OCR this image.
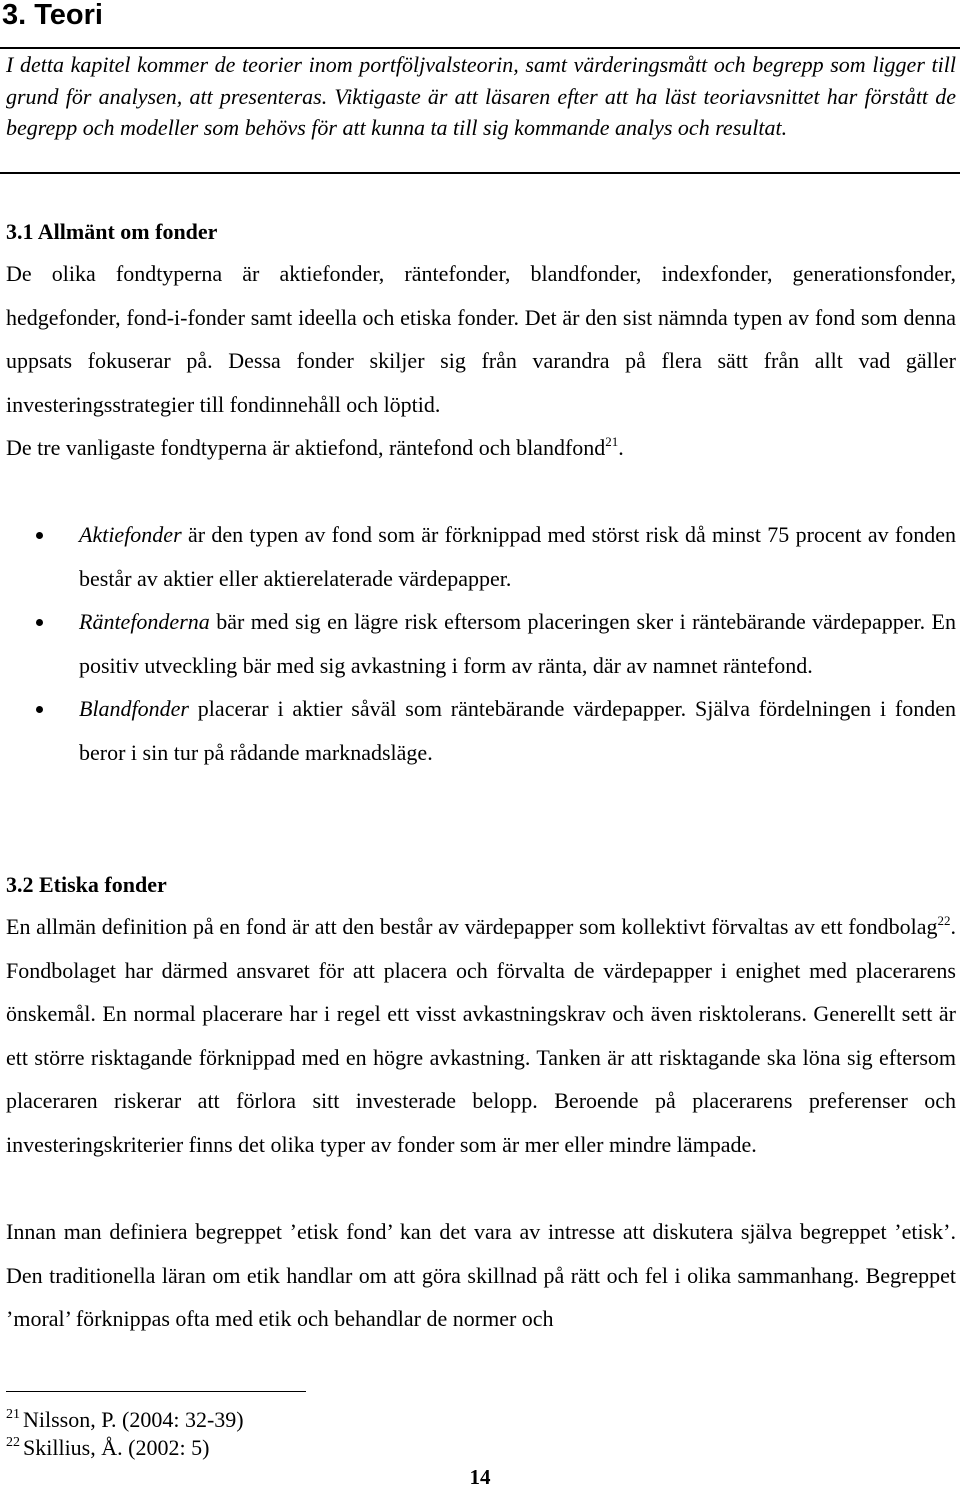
3. Teori

I detta kapitel kommer de teorier inom portföljvalsteorin, samt värderingsmått och begrepp som ligger till grund för analysen, att presenteras. Viktigaste är att läsaren efter att ha läst teoriavsnittet har förstått de begrepp och modeller som behövs för att kunna ta till sig kommande analys och resultat.

3.1 Allmänt om fonder

De olika fondtyperna är aktiefonder, räntefonder, blandfonder, indexfonder, generationsfonder, hedgefonder, fond-i-fonder samt ideella och etiska fonder. Det är den sist nämnda typen av fond som denna uppsats fokuserar på. Dessa fonder skiljer sig från varandra på flera sätt från allt vad gäller investeringsstrategier till fondinnehåll och löptid.
De tre vanligaste fondtyperna är aktiefond, räntefond och blandfond$^{21}$.

Aktiefonder är den typen av fond som är förknippad med störst risk då minst 75 procent av fonden består av aktier eller aktierelaterade värdepapper.
Räntefonderna bär med sig en lägre risk eftersom placeringen sker i räntebärande värdepapper. En positiv utveckling bär med sig avkastning i form av ränta, där av namnet räntefond.
Blandfonder placerar i aktier såväl som räntebärande värdepapper. Själva fördelningen i fonden beror i sin tur på rådande marknadsläge.
3.2 Etiska fonder

En allmän definition på en fond är att den består av värdepapper som kollektivt förvaltas av ett fondbolag$^{22}$. Fondbolaget har därmed ansvaret för att placera och förvalta de värdepapper i enighet med placerarens önskemål. En normal placerare har i regel ett visst avkastningskrav och även risktolerans. Generellt sett är ett större risktagande förknippad med en högre avkastning. Tanken är att risktagande ska löna sig eftersom placeraren riskerar att förlora sitt investerade belopp. Beroende på placerarens preferenser och investeringskriterier finns det olika typer av fonder som är mer eller mindre lämpade.

Innan man definiera begreppet ’etisk fond’ kan det vara av intresse att diskutera själva begreppet ’etisk’. Den traditionella läran om etik handlar om att göra skillnad på rätt och fel i olika sammanhang. Begreppet ’moral’ förknippas ofta med etik och behandlar de normer och

$^{21}$ Nilsson, P. (2004: 32-39)

$^{22}$ Skillius, Å. (2002: 5)

14
